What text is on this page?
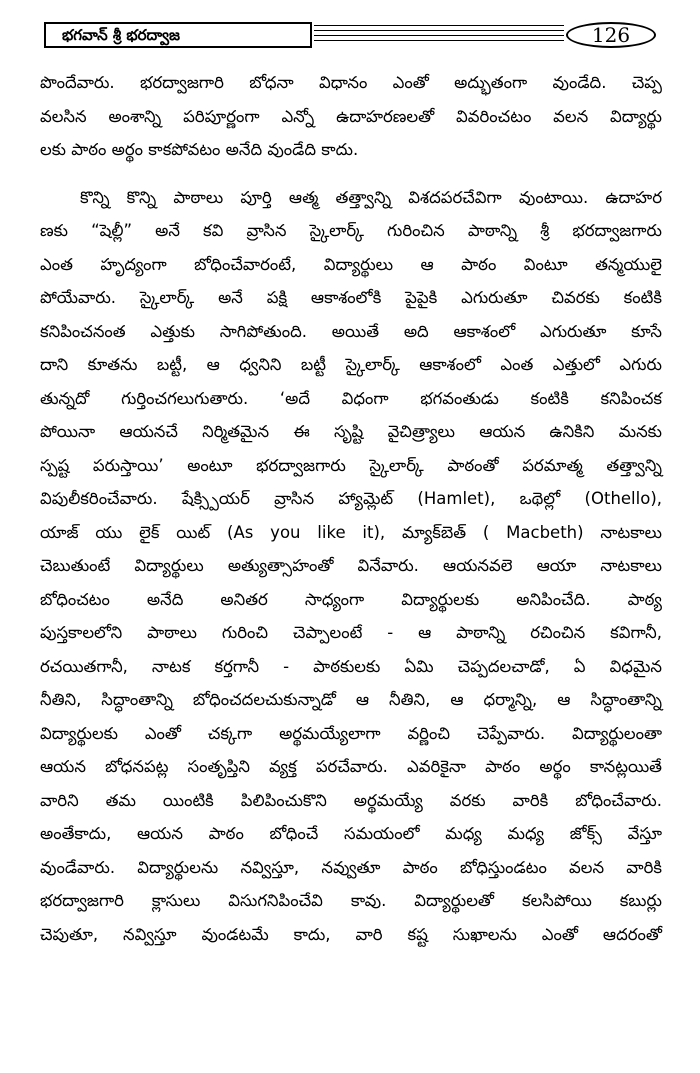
భగవాన్ శ్రీ భరద్వాజ	126
పొందేవారు. భరద్వాజగారి బోధనా విధానం ఎంతో అద్భుతంగా వుండేది. చెప్ప
వలసిన అంశాన్ని పరిపూర్ణంగా ఎన్నో ఉదాహరణలతో వివరించటం వలన విద్యార్థు
లకు పాఠం అర్థం కాకపోవటం అనేది వుండేది కాదు.
కొన్ని కొన్ని పాఠాలు పూర్తి ఆత్మ తత్త్వాన్ని విశదపరచేవిగా వుంటాయి. ఉదాహర
ణకు “షెల్లీ” అనే కవి వ్రాసిన స్కైలార్క్ గురించిన పాఠాన్ని శ్రీ భరద్వాజగారు
ఎంత హృద్యంగా బోధించేవారంటే, విద్యార్థులు ఆ పాఠం వింటూ తన్మయులై
పోయేవారు. స్కైలార్క్ అనే పక్షి ఆకాశంలోకి పైపైకి ఎగురుతూ చివరకు కంటికి
కనిపించనంత ఎత్తుకు సాగిపోతుంది. అయితే అది ఆకాశంలో ఎగురుతూ కూసే
దాని కూతను బట్టీ, ఆ ధ్వనిని బట్టీ స్కైలార్క్ ఆకాశంలో ఎంత ఎత్తులో ఎగురు
తున్నదో గుర్తించగలుగుతారు. ‘అదే విధంగా భగవంతుడు కంటికి కనిపించక
పోయినా ఆయనచే నిర్మితమైన ఈ సృష్టి వైచిత్ర్యాలు ఆయన ఉనికిని మనకు
స్పష్ట పరుస్తాయి’ అంటూ భరద్వాజగారు స్కైలార్క్ పాఠంతో పరమాత్మ తత్త్వాన్ని
విపులీకరించేవారు. షేక్స్పియర్ వ్రాసిన హ్యామ్లెట్ (Hamlet), ఒథెల్లో (Othello),
యాజ్ యు లైక్ యిట్ (As you like it), మ్యాక్‌బెత్ ( Macbeth) నాటకాలు
చెబుతుంటే విద్యార్థులు అత్యుత్సాహంతో వినేవారు. ఆయనవలె ఆయా నాటకాలు
బోధించటం అనేది అనితర సాధ్యంగా విద్యార్థులకు అనిపించేది. పాఠ్య
పుస్తకాలలోని పాఠాలు గురించి చెప్పాలంటే - ఆ పాఠాన్ని రచించిన కవిగానీ,
రచయితగానీ, నాటక కర్తగానీ - పాఠకులకు ఏమి చెప్పదలచాడో, ఏ విధమైన
నీతిని, సిద్ధాంతాన్ని బోధించదలచుకున్నాడో ఆ నీతిని, ఆ ధర్మాన్ని, ఆ సిద్ధాంతాన్ని
విద్యార్థులకు ఎంతో చక్కగా అర్థమయ్యేలాగా వర్ణించి చెప్పేవారు. విద్యార్థులంతా
ఆయన బోధనపట్ల సంతృప్తిని వ్యక్త పరచేవారు. ఎవరికైనా పాఠం అర్థం కానట్లయితే
వారిని తమ యింటికి పిలిపించుకొని అర్థమయ్యే వరకు వారికి బోధించేవారు.
అంతేకాదు, ఆయన పాఠం బోధించే సమయంలో మధ్య మధ్య జోక్స్ వేస్తూ
వుండేవారు. విద్యార్థులను నవ్విస్తూ, నవ్వుతూ పాఠం బోధిస్తుండటం వలన వారికి
భరద్వాజగారి క్లాసులు విసుగనిపించేవి కావు. విద్యార్థులతో కలసిపోయి కబుర్లు
చెపుతూ, నవ్విస్తూ వుండటమే కాదు, వారి కష్ట సుఖాలను ఎంతో ఆదరంతో
